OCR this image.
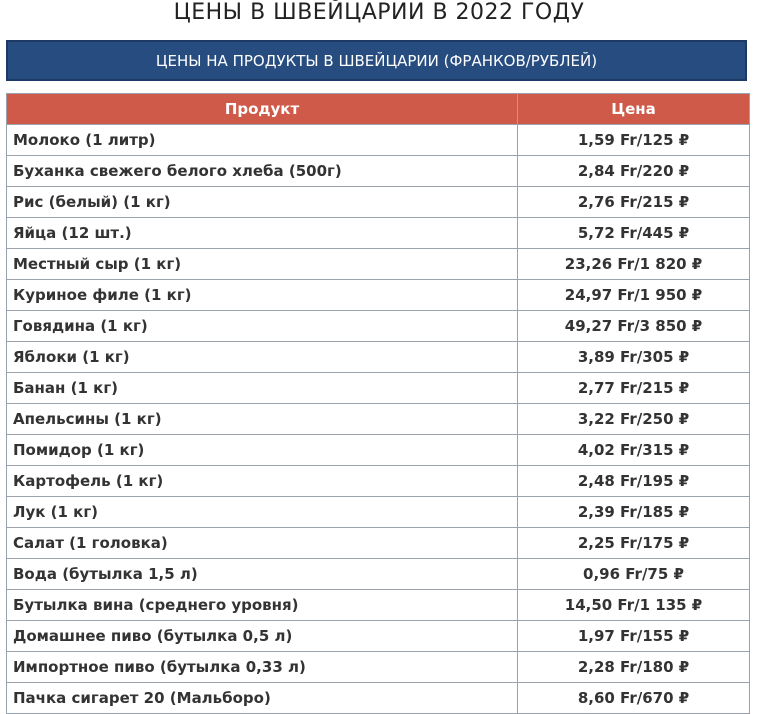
ЦЕНЫ В ШВЕЙЦАРИИ В 2022 ГОДУ
ЦЕНЫ НА ПРОДУКТЫ В ШВЕЙЦАРИИ (ФРАНКОВ/РУБЛЕЙ)
Продукт	Цена
Молоко (1 литр)	1,59 Fr/125 ₽
Буханка свежего белого хлеба (500г)	2,84 Fr/220 ₽
Рис (белый) (1 кг)	2,76 Fr/215 ₽
Яйца (12 шт.)	5,72 Fr/445 ₽
Местный сыр (1 кг)	23,26 Fr/1 820 ₽
Куриное филе (1 кг)	24,97 Fr/1 950 ₽
Говядина (1 кг)	49,27 Fr/3 850 ₽
Яблоки (1 кг)	3,89 Fr/305 ₽
Банан (1 кг)	2,77 Fr/215 ₽
Апельсины (1 кг)	3,22 Fr/250 ₽
Помидор (1 кг)	4,02 Fr/315 ₽
Картофель (1 кг)	2,48 Fr/195 ₽
Лук (1 кг)	2,39 Fr/185 ₽
Салат (1 головка)	2,25 Fr/175 ₽
Вода (бутылка 1,5 л)	0,96 Fr/75 ₽
Бутылка вина (среднего уровня)	14,50 Fr/1 135 ₽
Домашнее пиво (бутылка 0,5 л)	1,97 Fr/155 ₽
Импортное пиво (бутылка 0,33 л)	2,28 Fr/180 ₽
Пачка сигарет 20 (Мальборо)	8,60 Fr/670 ₽
